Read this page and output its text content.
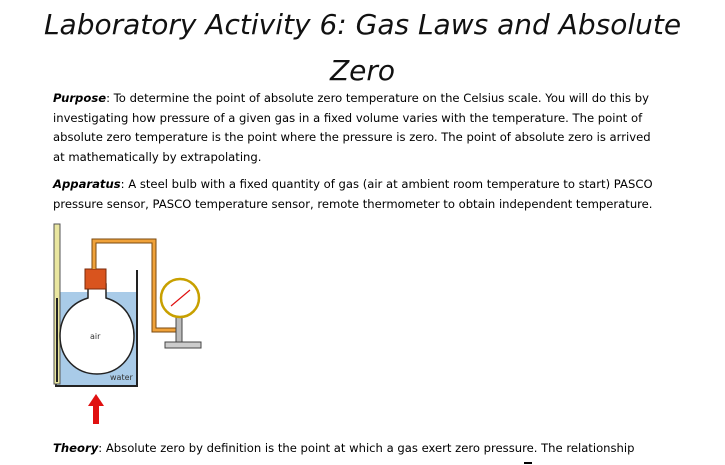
Laboratory Activity 6: Gas Laws and Absolute
Zero
Purpose: To determine the point of absolute zero temperature on the Celsius scale. You will do this by
investigating how pressure of a given gas in a fixed volume varies with the temperature. The point of
absolute zero temperature is the point where the pressure is zero. The point of absolute zero is arrived
at mathematically by extrapolating.
Apparatus: A steel bulb with a fixed quantity of gas (air at ambient room temperature to start) PASCO
pressure sensor, PASCO temperature sensor, remote thermometer to obtain independent temperature.
air
water
Theory: Absolute zero by definition is the point at which a gas exert zero pressure. The relationship
